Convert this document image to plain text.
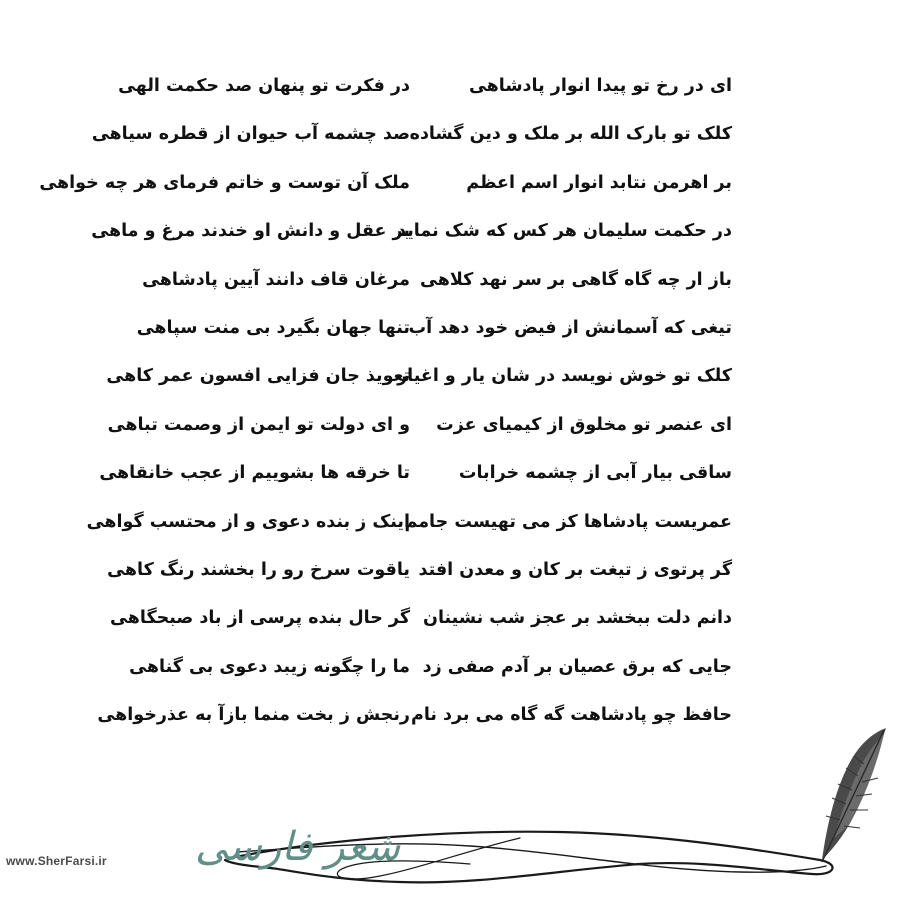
ای در رخ تو پیدا انوار پادشاهی
در فکرت تو پنهان صد حکمت الهی
کلک تو بارک الله بر ملک و دین گشاده
صد چشمه آب حیوان از قطره سیاهی
بر اهرمن نتابد انوار اسم اعظم
ملک آن توست و خاتم فرمای هر چه خواهی
در حکمت سلیمان هر کس که شک نماید
بر عقل و دانش او خندند مرغ و ماهی
باز ار چه گاه گاهی بر سر نهد کلاهی
مرغان قاف دانند آیین پادشاهی
تیغی که آسمانش از فیض خود دهد آب
تنها جهان بگیرد بی منت سپاهی
کلک تو خوش نویسد در شان یار و اغیار
تعویذ جان فزایی افسون عمر کاهی
ای عنصر تو مخلوق از کیمیای عزت
و ای دولت تو ایمن از وصمت تباهی
ساقی بیار آبی از چشمه خرابات
تا خرقه ها بشوییم از عجب خانقاهی
عمریست پادشاها کز می تهیست جامم
اینک ز بنده دعوی و از محتسب گواهی
گر پرتوی ز تیغت بر کان و معدن افتد
یاقوت سرخ رو را بخشند رنگ کاهی
دانم دلت ببخشد بر عجز شب نشینان
گر حال بنده پرسی از باد صبحگاهی
جایی که برق عصیان بر آدم صفی زد
ما را چگونه زیبد دعوی بی گناهی
حافظ چو پادشاهت گه گاه می برد نام
رنجش ز بخت منما بازآ به عذرخواهی
شعر فارسی
www.SherFarsi.ir
